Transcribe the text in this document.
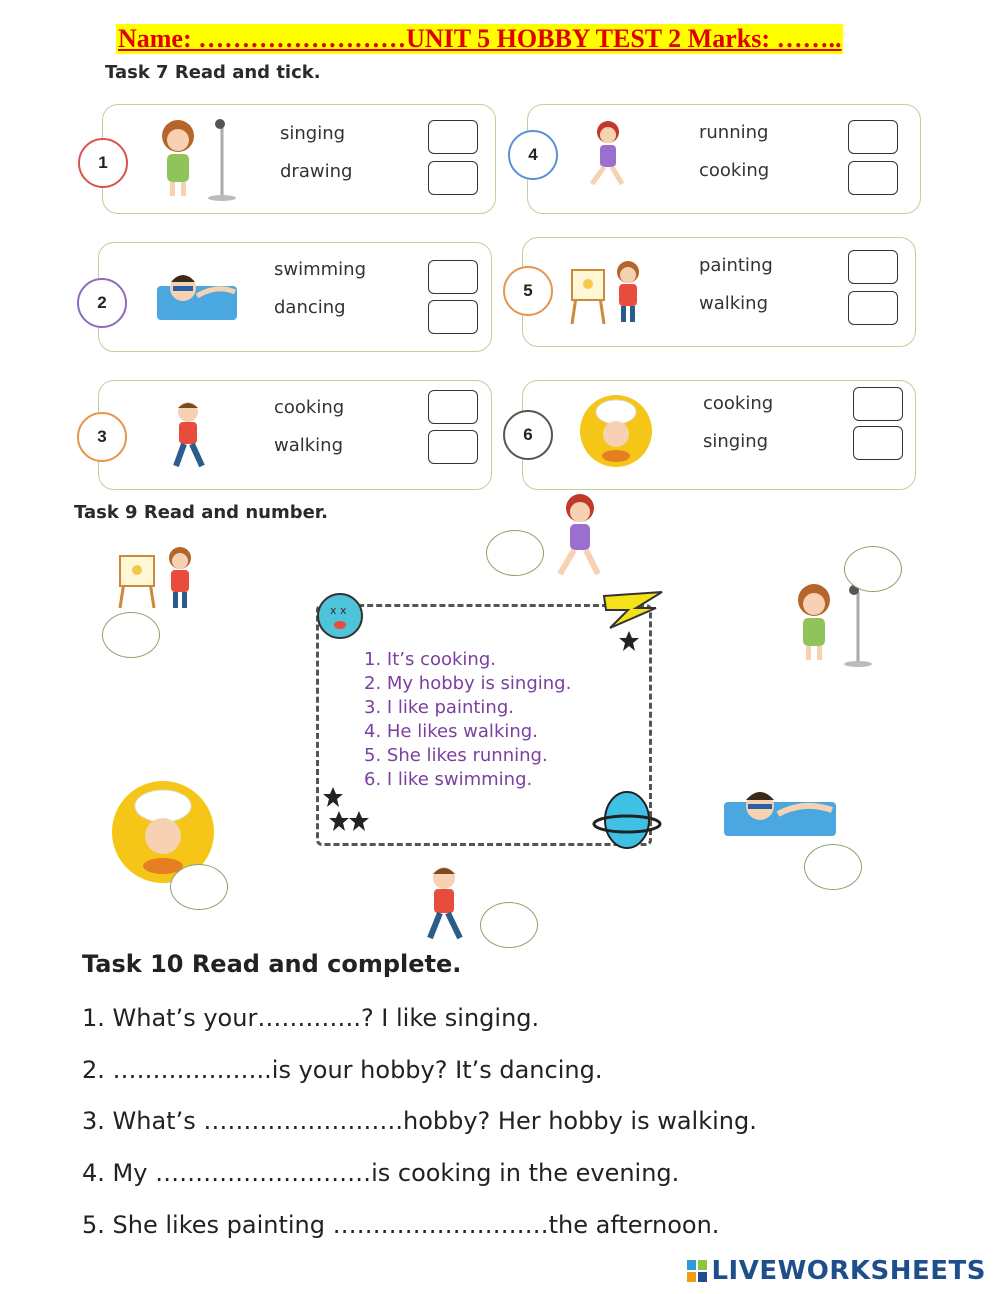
Name: ……………………UNIT 5 HOBBY TEST 2 Marks: ……..
Task 7 Read and tick.
1
singing
drawing
4
running
cooking
2
swimming
dancing
5
painting
walking
3
cooking
walking
6
cooking
singing
Task 9 Read and number.
x x
1. It’s cooking.
2. My hobby is singing.
3. I like painting.
4. He likes walking.
5. She likes running.
6. I like swimming.
Task 10 Read and complete.
1. What’s your………….? I like singing.
2. ………………..is your hobby? It’s dancing.
3. What’s …………………….hobby? Her hobby is walking.
4. My ………………………is cooking in the evening.
5. She likes painting ………………………the afternoon.
LIVEWORKSHEETS
